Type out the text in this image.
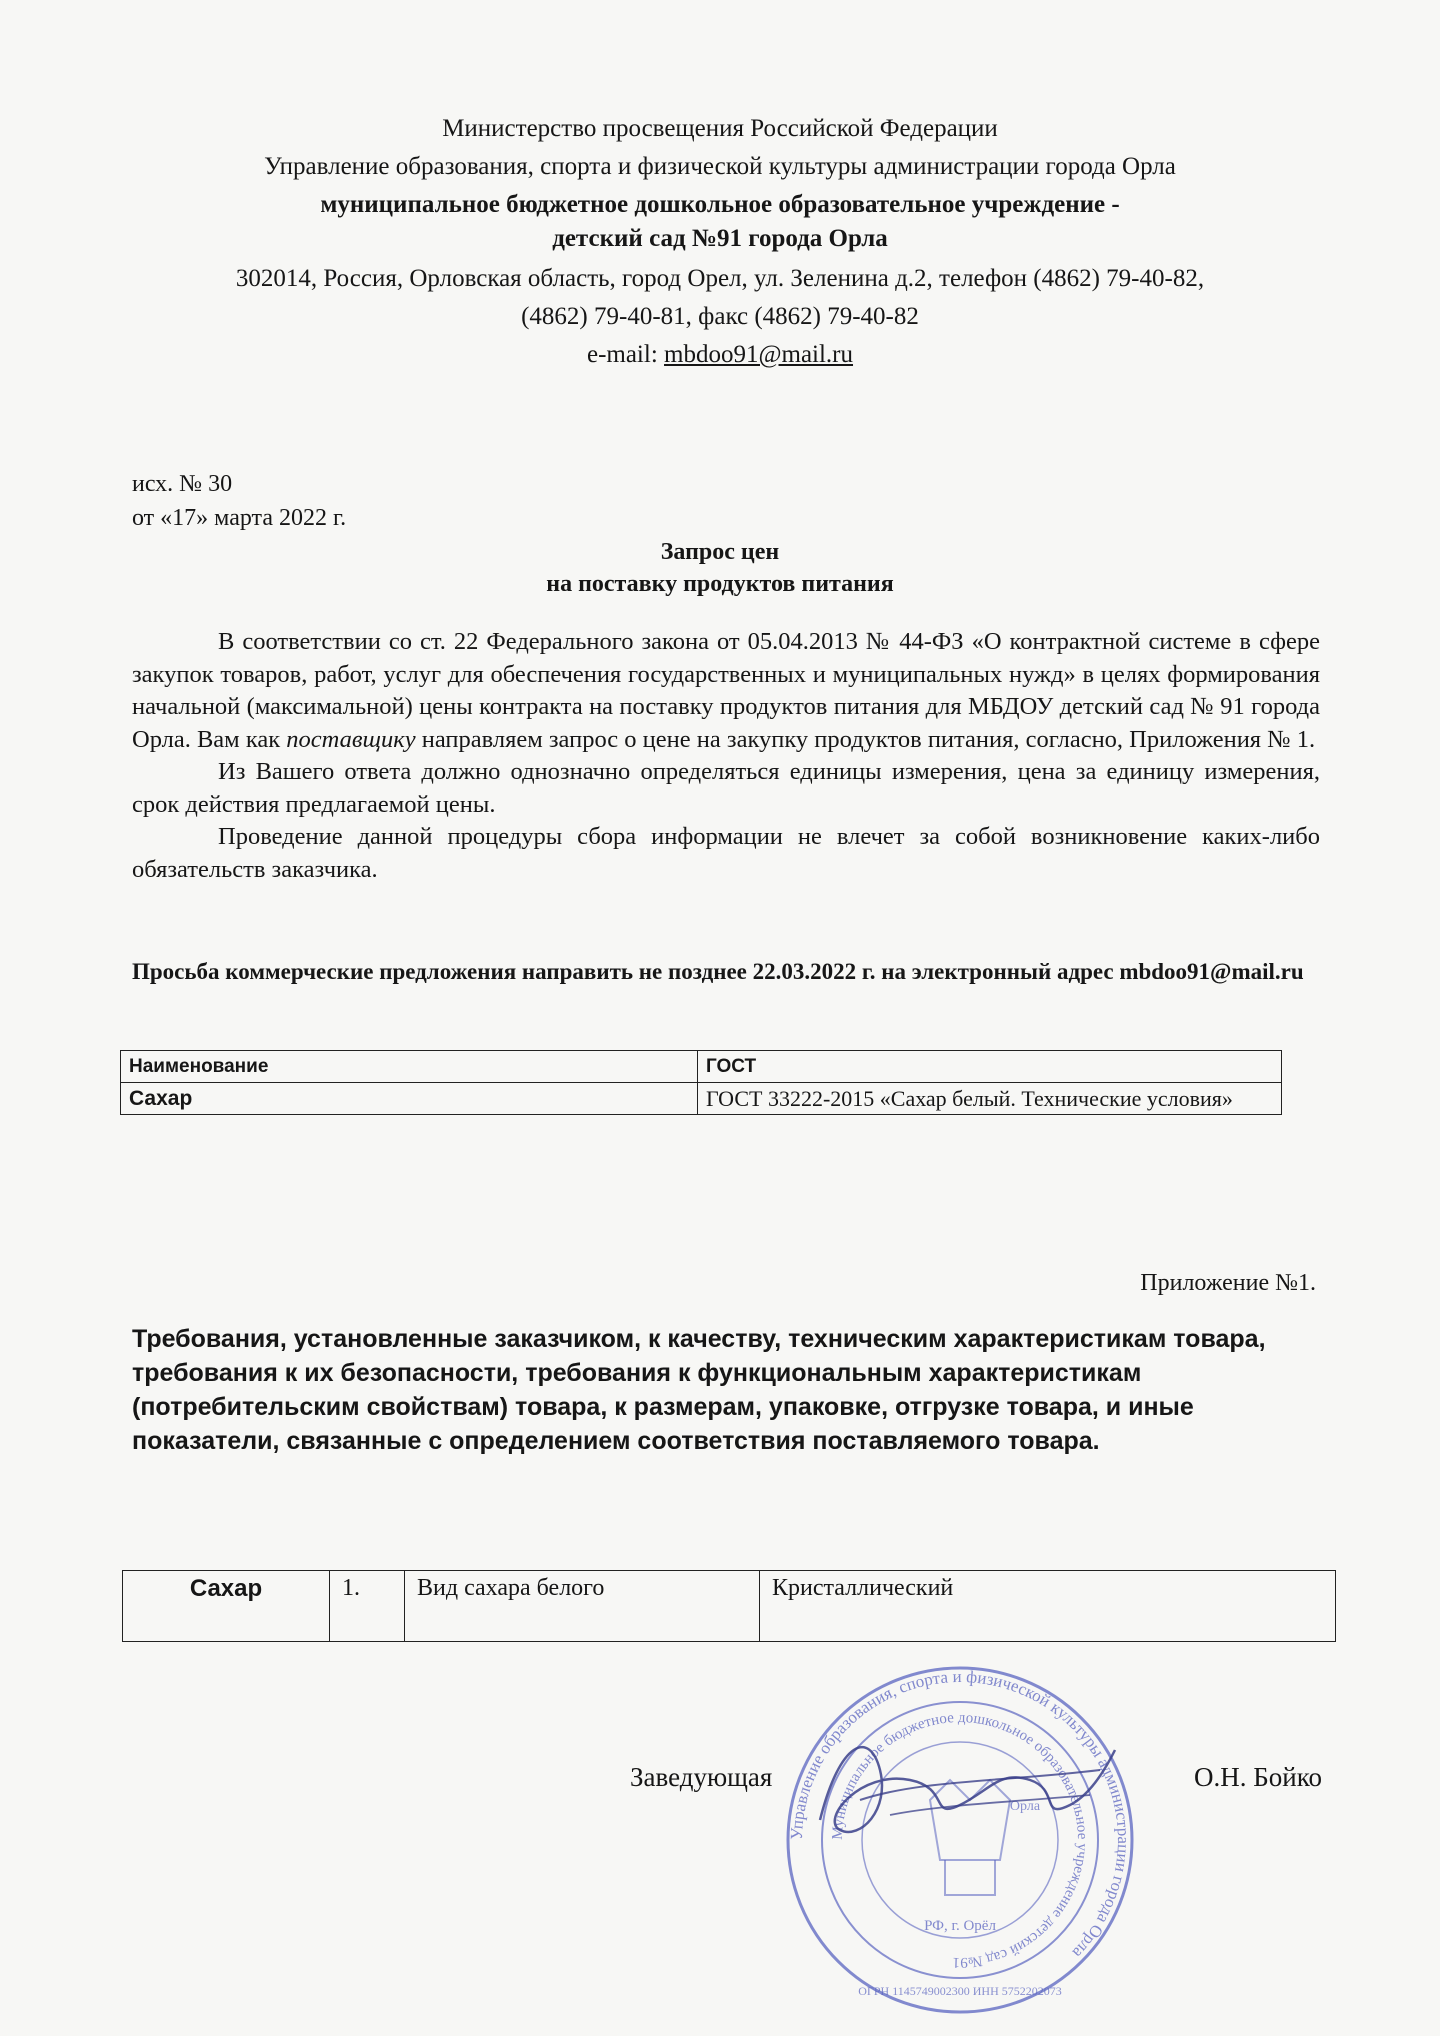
Министерство просвещения Российской Федерации
Управление образования, спорта и физической культуры администрации города Орла
муниципальное бюджетное дошкольное образовательное учреждение -
детский сад №91 города Орла
302014, Россия, Орловская область, город Орел, ул. Зеленина д.2, телефон (4862) 79-40-82,
(4862) 79-40-81, факс (4862) 79-40-82
e-mail: mbdoo91@mail.ru
исх. № 30
от «17» марта 2022 г.
Запрос цен
на поставку продуктов питания

В соответствии со ст. 22 Федерального закона от 05.04.2013 № 44-ФЗ «О контрактной системе в сфере закупок товаров, работ, услуг для обеспечения государственных и муниципальных нужд» в целях формирования начальной (максимальной) цены контракта на поставку продуктов питания для МБДОУ детский сад № 91 города Орла. Вам как поставщику направляем запрос о цене на закупку продуктов питания, согласно, Приложения № 1.

Из Вашего ответа должно однозначно определяться единицы измерения, цена за единицу измерения, срок действия предлагаемой цены.

Проведение данной процедуры сбора информации не влечет за собой возникновение каких-либо обязательств заказчика.

Просьба коммерческие предложения направить не позднее 22.03.2022 г. на электронный адрес mbdoo91@mail.ru
Наименование	ГОСТ
Сахар	ГОСТ 33222-2015 «Сахар белый. Технические условия»
Приложение №1.
Требования, установленные заказчиком, к качеству, техническим характеристикам товара, требования к их безопасности, требования к функциональным характеристикам (потребительским свойствам) товара, к размерам, упаковке, отгрузке товара, и иные показатели, связанные с определением соответствия поставляемого товара.
Сахар	1.	Вид сахара белого	Кристаллический
Управление образования, спорта и физической культуры администрации города Орла
Муниципальное бюджетное дошкольное образовательное учреждение детский сад №91
ОГРН 1145749002300 ИНН 5752202073
РФ, г. Орёл
Орла
Заведующая	О.Н. Бойко
